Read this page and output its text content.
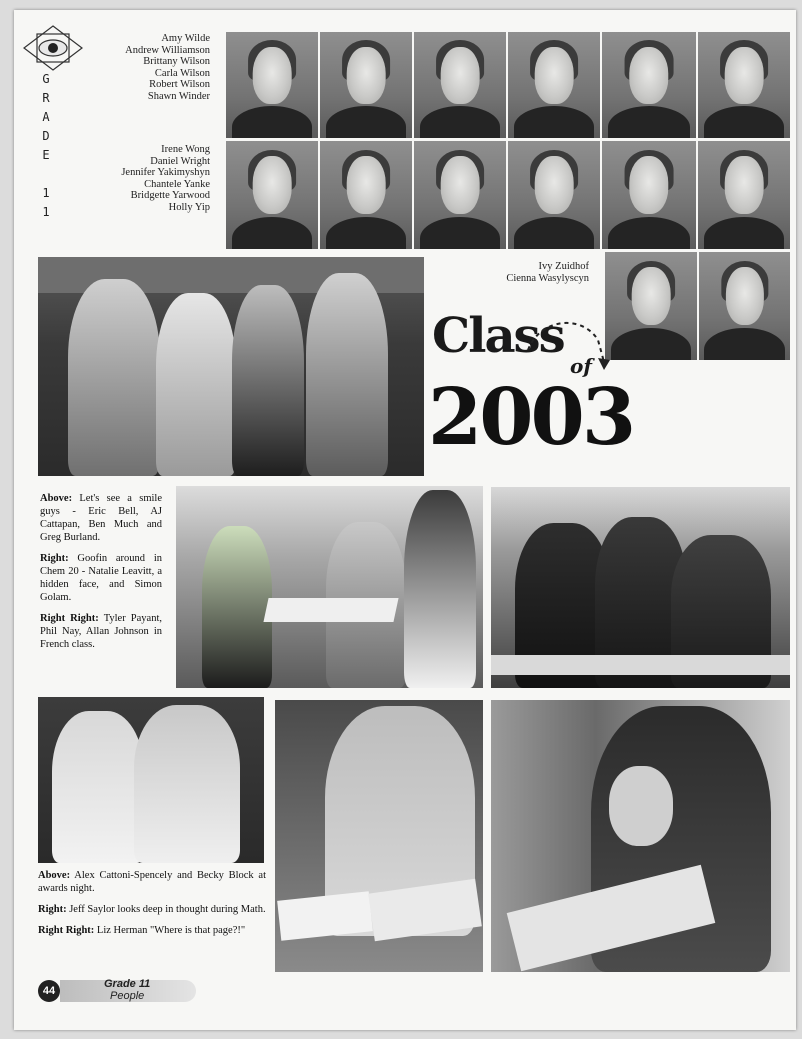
G
R
A
D
E

1
1
Amy Wilde
Andrew Williamson
Brittany Wilson
Carla Wilson
Robert Wilson
Shawn Winder
Irene Wong
Daniel Wright
Jennifer Yakimyshyn
Chantele Yanke
Bridgette Yarwood
Holly Yip
Ivy Zuidhof
Cienna Wasylyscyn
Class
of
2003

Above: Let's see a smile guys - Eric Bell, AJ Cattapan, Ben Much and Greg Burland.

Right: Goofin around in Chem 20 - Natalie Leavitt, a hidden face, and Simon Golam.

Right Right: Tyler Payant, Phil Nay, Allan Johnson in French class.

Above: Alex Cattoni-Spencely and Becky Block at awards night.

Right: Jeff Saylor looks deep in thought during Math.

Right Right: Liz Herman "Where is that page?!"

44
Grade 11
People
